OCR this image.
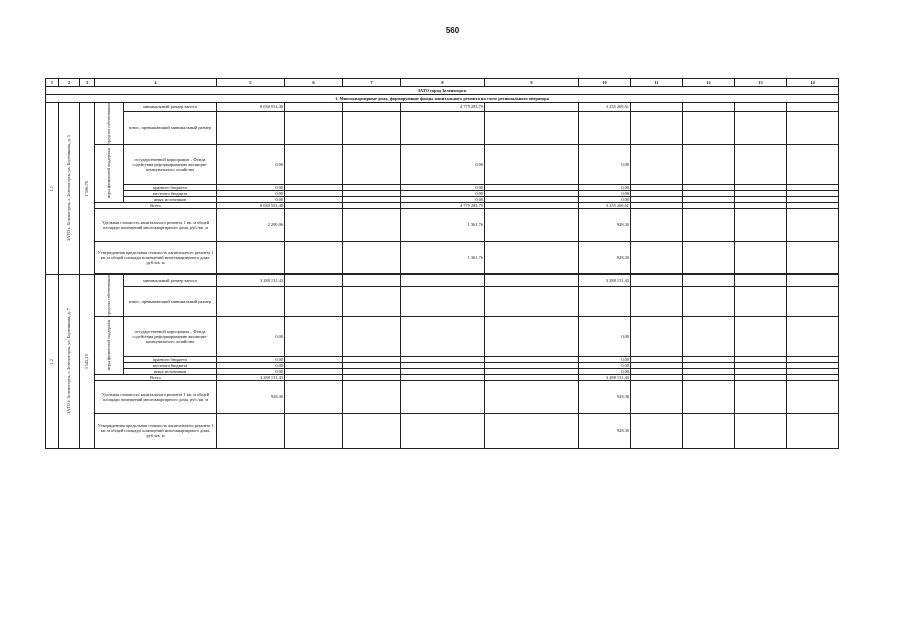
560
1	2	3	4		5	6	7	8	9	10	11	12	13	14	
ЗАТО город Зеленогорск															
1. Многоквартирные дома, формирующие фонды капитального ремонта на счете регионального оператора															

1.1	ЗАТО г. Зеленогорск, г. Зеленогорск, ул. Бортникова, д. 5	1 506,70	средства собственников	минимальный размер взноса	8 030 553,40			4 775 283,79		3 255 269,61					
				взнос, превышающий минимальный размер											

			меры финансовой поддержки	государственной корпорации – Фонда содействия реформированию жилищно-коммунального хозяйства	0,00			0,00		0,00					
				краевого бюджета	0,00			0,00		0,00					
				местного бюджета	0,00			0,00		0,00					
				иных источников	0,00			0,00		0,00					
			Всего		8 030 553,40			4 775 283,79		3 255 269,61					
			Удельная стоимость капитального ремонта 1 кв. м общей площади помещений многоквартирного дома, руб./кв. м		2 290,06			1 361,76		928,30					
			Утвержденная предельная стоимость капитального ремонта 1 кв. м общей площади помещений многоквартирного дома, руб./кв. м					1 361,76		928,30					

1.2	ЗАТО г. Зеленогорск, г. Зеленогорск, ул. Бортникова, д. 7	3 542,10	средства собственников	минимальный размер взноса	3 288 131,43					3 288 131,43					
				взнос, превышающий минимальный размер											

			меры финансовой поддержки	государственной корпорации – Фонда содействия реформированию жилищно-коммунального хозяйства	0,00					0,00					
				краевого бюджета	0,00					0,00					
				местного бюджета	0,00					0,00					
				иных источников	0,00					0,00					
			Всего		3 288 131,43					3 288 131,43					
			Удельная стоимость капитального ремонта 1 кв. м общей площади помещений многоквартирного дома, руб./кв. м		928,30					928,30					
			Утвержденная предельная стоимость капитального ремонта 1 кв. м общей площади помещений многоквартирного дома, руб./кв. м							928,30					
